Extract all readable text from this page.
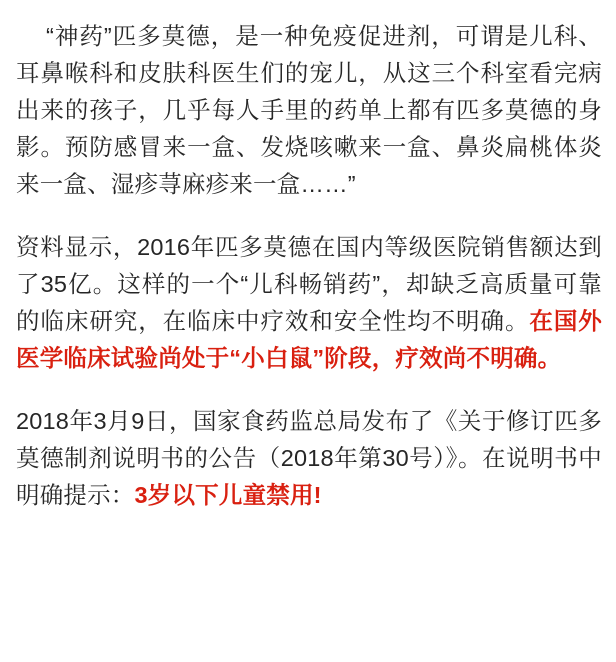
“神药”匹多莫德，是一种免疫促进剂，可谓是儿科、耳鼻喉科和皮肤科医生们的宠儿，从这三个科室看完病出来的孩子，几乎每人手里的药单上都有匹多莫德的身影。预防感冒来一盒、发烧咳嗽来一盒、鼻炎扁桃体炎来一盒、湿疹荨麻疹来一盒……”

资料显示，2016年匹多莫德在国内等级医院销售额达到了35亿。这样的一个“儿科畅销药”，却缺乏高质量可靠的临床研究，在临床中疗效和安全性均不明确。在国外医学临床试验尚处于“小白鼠”阶段，疗效尚不明确。

2018年3月9日，国家食药监总局发布了《关于修订匹多莫德制剂说明书的公告（2018年第30号）》。在说明书中明确提示：3岁以下儿童禁用!
